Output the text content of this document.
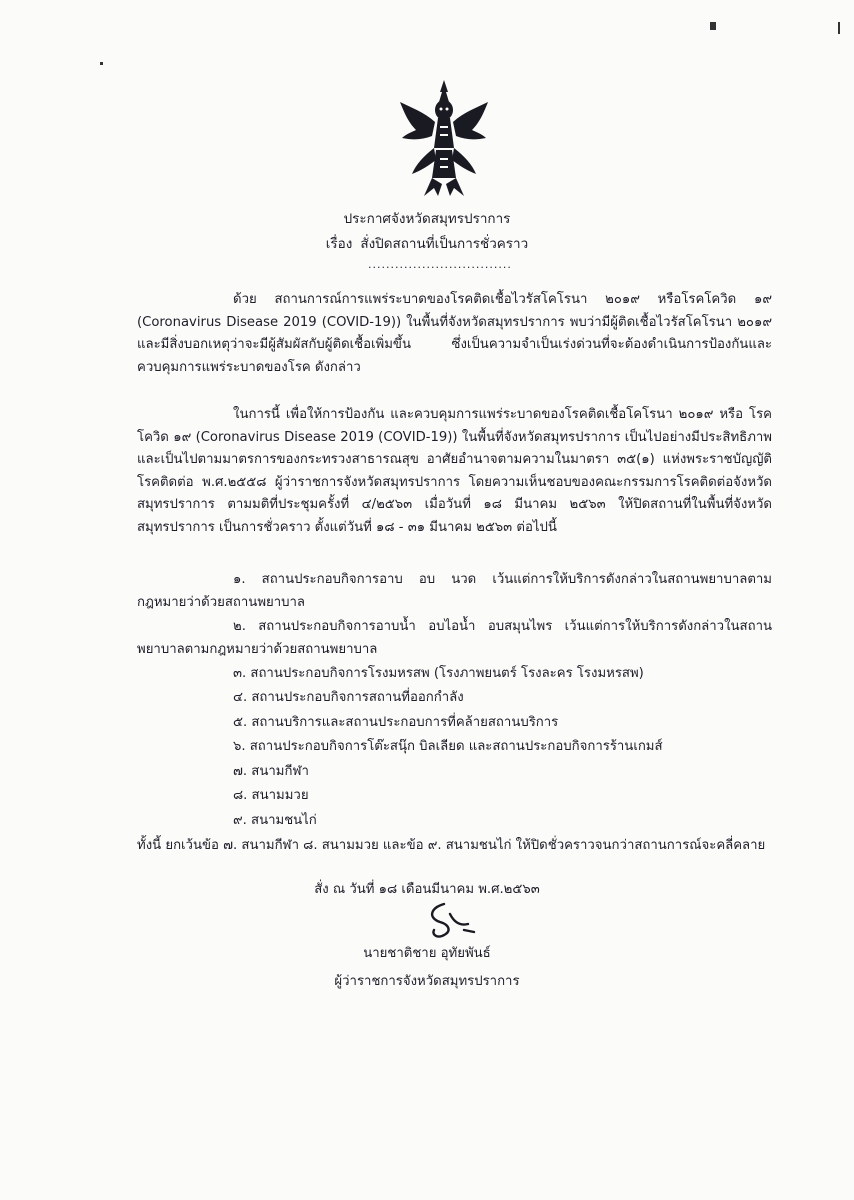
ประกาศจังหวัดสมุทรปราการ
เรื่อง สั่งปิดสถานที่เป็นการชั่วคราว
................................
ด้วย สถานการณ์การแพร่ระบาดของโรคติดเชื้อไวรัสโคโรนา ๒๐๑๙ หรือโรคโควิด ๑๙ (Coronavirus Disease 2019 (COVID-19)) ในพื้นที่จังหวัดสมุทรปราการ พบว่ามีผู้ติดเชื้อไวรัสโคโรนา ๒๐๑๙ และมีสิ่งบอกเหตุว่าจะมีผู้สัมผัสกับผู้ติดเชื้อเพิ่มขึ้น ซึ่งเป็นความจำเป็นเร่งด่วนที่จะต้องดำเนินการป้องกันและควบคุมการแพร่ระบาดของโรค ดังกล่าว
ในการนี้ เพื่อให้การป้องกัน และควบคุมการแพร่ระบาดของโรคติดเชื้อโคโรนา ๒๐๑๙ หรือ โรคโควิด ๑๙ (Coronavirus Disease 2019 (COVID-19)) ในพื้นที่จังหวัดสมุทรปราการ เป็นไปอย่างมีประสิทธิภาพ และเป็นไปตามมาตรการของกระทรวงสาธารณสุข อาศัยอำนาจตามความในมาตรา ๓๕(๑) แห่งพระราชบัญญัติโรคติดต่อ พ.ศ.๒๕๕๘ ผู้ว่าราชการจังหวัดสมุทรปราการ โดยความเห็นชอบของคณะกรรมการโรคติดต่อจังหวัดสมุทรปราการ ตามมติที่ประชุมครั้งที่ ๔/๒๕๖๓ เมื่อวันที่ ๑๘ มีนาคม ๒๕๖๓ ให้ปิดสถานที่ในพื้นที่จังหวัดสมุทรปราการ เป็นการชั่วคราว ตั้งแต่วันที่ ๑๘ - ๓๑ มีนาคม ๒๕๖๓ ต่อไปนี้
๑. สถานประกอบกิจการอาบ อบ นวด เว้นแต่การให้บริการดังกล่าวในสถานพยาบาลตามกฎหมายว่าด้วยสถานพยาบาล
๒. สถานประกอบกิจการอาบน้ำ อบไอน้ำ อบสมุนไพร เว้นแต่การให้บริการดังกล่าวในสถานพยาบาลตามกฎหมายว่าด้วยสถานพยาบาล
๓. สถานประกอบกิจการโรงมหรสพ (โรงภาพยนตร์ โรงละคร โรงมหรสพ)
๔. สถานประกอบกิจการสถานที่ออกกำลัง
๕. สถานบริการและสถานประกอบการที่คล้ายสถานบริการ
๖. สถานประกอบกิจการโต๊ะสนุ๊ก บิลเลียด และสถานประกอบกิจการร้านเกมส์
๗. สนามกีฬา
๘. สนามมวย
๙. สนามชนไก่
ทั้งนี้ ยกเว้นข้อ ๗. สนามกีฬา ๘. สนามมวย และข้อ ๙. สนามชนไก่ ให้ปิดชั่วคราวจนกว่าสถานการณ์จะคลี่คลาย
สั่ง ณ วันที่ ๑๘ เดือนมีนาคม พ.ศ.๒๕๖๓
นายชาติชาย อุทัยพันธ์
ผู้ว่าราชการจังหวัดสมุทรปราการ
